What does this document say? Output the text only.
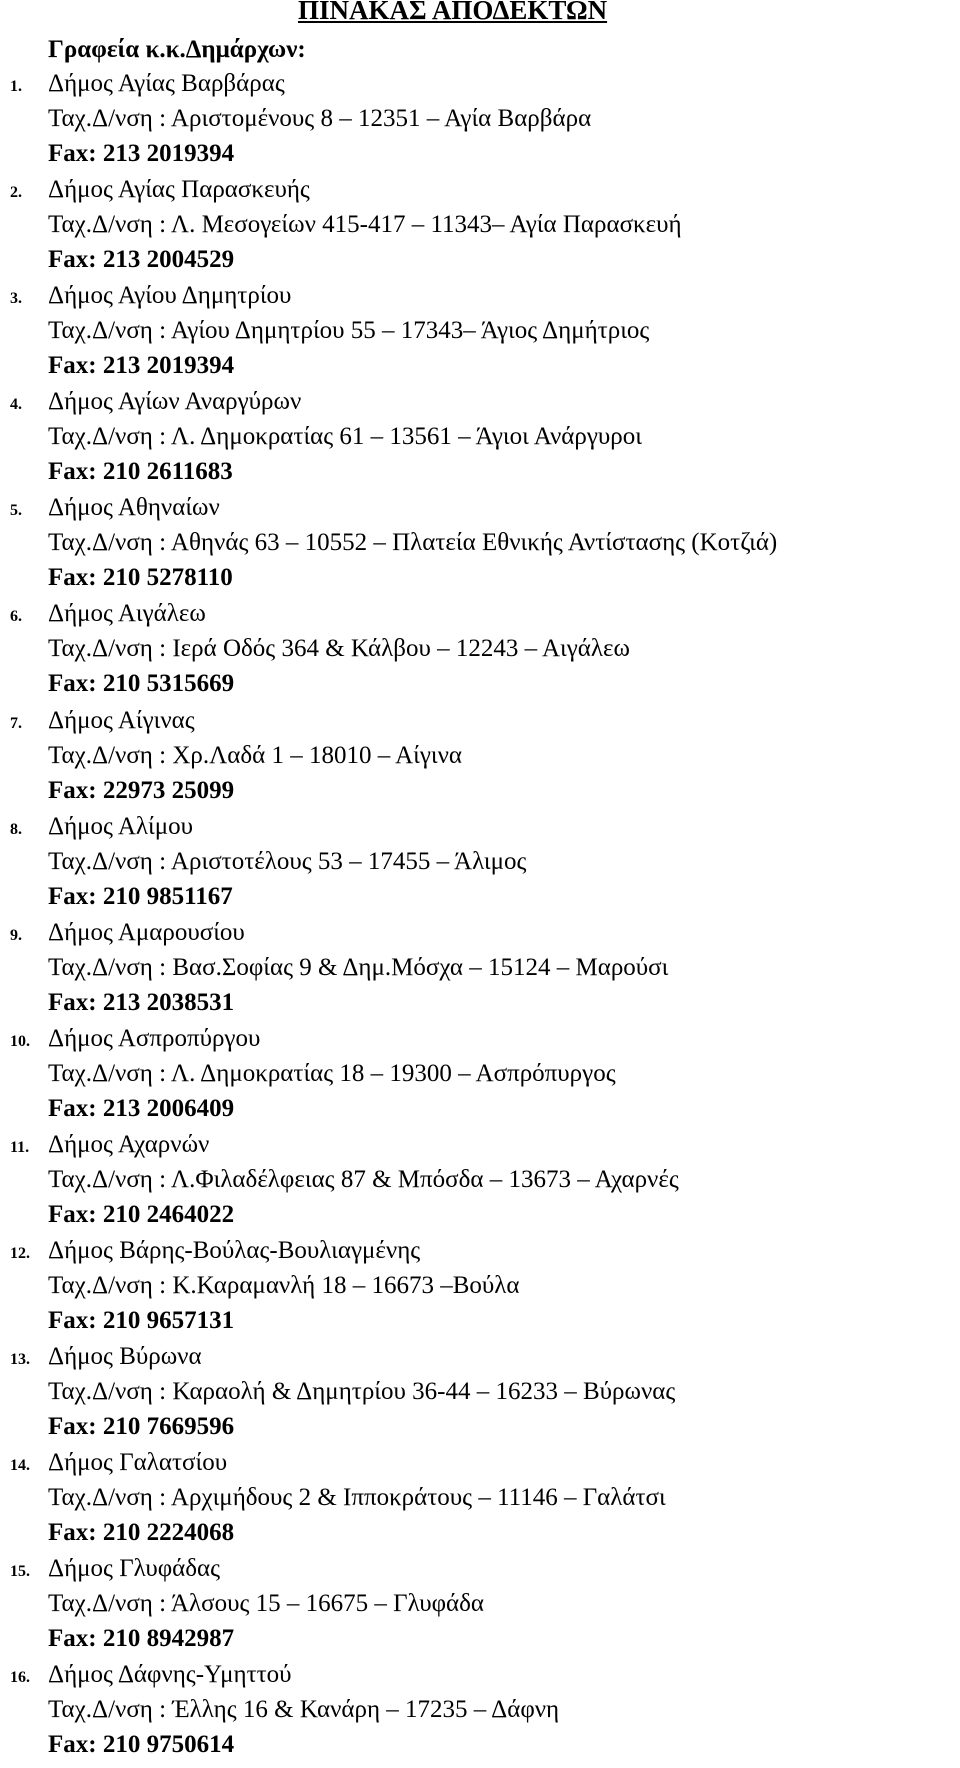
ΠΙΝΑΚΑΣ ΑΠΟΔΕΚΤΩΝ
Γραφεία κ.κ.Δημάρχων:
1. Δήμος Αγίας Βαρβάρας
Ταχ.Δ/νση : Αριστομένους 8 – 12351 – Αγία Βαρβάρα
Fax: 213 2019394
2. Δήμος Αγίας Παρασκευής
Ταχ.Δ/νση : Λ. Μεσογείων 415-417 – 11343– Αγία Παρασκευή
Fax: 213 2004529
3. Δήμος Αγίου Δημητρίου
Ταχ.Δ/νση : Αγίου Δημητρίου 55 – 17343– Άγιος Δημήτριος
Fax: 213 2019394
4. Δήμος Αγίων Αναργύρων
Ταχ.Δ/νση : Λ. Δημοκρατίας 61 – 13561 – Άγιοι Ανάργυροι
Fax: 210 2611683
5. Δήμος Αθηναίων
Ταχ.Δ/νση : Αθηνάς 63 – 10552 – Πλατεία Εθνικής Αντίστασης (Κοτζιά)
Fax: 210 5278110
6. Δήμος Αιγάλεω
Ταχ.Δ/νση : Ιερά Οδός 364 & Κάλβου – 12243 – Αιγάλεω
Fax: 210 5315669
7. Δήμος Αίγινας
Ταχ.Δ/νση : Χρ.Λαδά 1 – 18010 – Αίγινα
Fax: 22973 25099
8. Δήμος Αλίμου
Ταχ.Δ/νση : Αριστοτέλους 53 – 17455 – Άλιμος
Fax: 210 9851167
9. Δήμος Αμαρουσίου
Ταχ.Δ/νση : Βασ.Σοφίας 9 & Δημ.Μόσχα – 15124 – Μαρούσι
Fax: 213 2038531
10. Δήμος Ασπροπύργου
Ταχ.Δ/νση : Λ. Δημοκρατίας 18 – 19300 – Ασπρόπυργος
Fax: 213 2006409
11. Δήμος Αχαρνών
Ταχ.Δ/νση : Λ.Φιλαδέλφειας 87 & Μπόσδα – 13673 – Αχαρνές
Fax: 210 2464022
12. Δήμος Βάρης-Βούλας-Βουλιαγμένης
Ταχ.Δ/νση : Κ.Καραμανλή 18 – 16673 –Βούλα
Fax: 210 9657131
13. Δήμος Βύρωνα
Ταχ.Δ/νση : Καραολή & Δημητρίου 36-44 – 16233 – Βύρωνας
Fax: 210 7669596
14. Δήμος Γαλατσίου
Ταχ.Δ/νση : Αρχιμήδους 2 & Ιπποκράτους – 11146 – Γαλάτσι
Fax: 210 2224068
15. Δήμος Γλυφάδας
Ταχ.Δ/νση : Άλσους 15 – 16675 – Γλυφάδα
Fax: 210 8942987
16. Δήμος Δάφνης-Υμηττού
Ταχ.Δ/νση : Έλλης 16 & Κανάρη – 17235 – Δάφνη
Fax: 210 9750614
